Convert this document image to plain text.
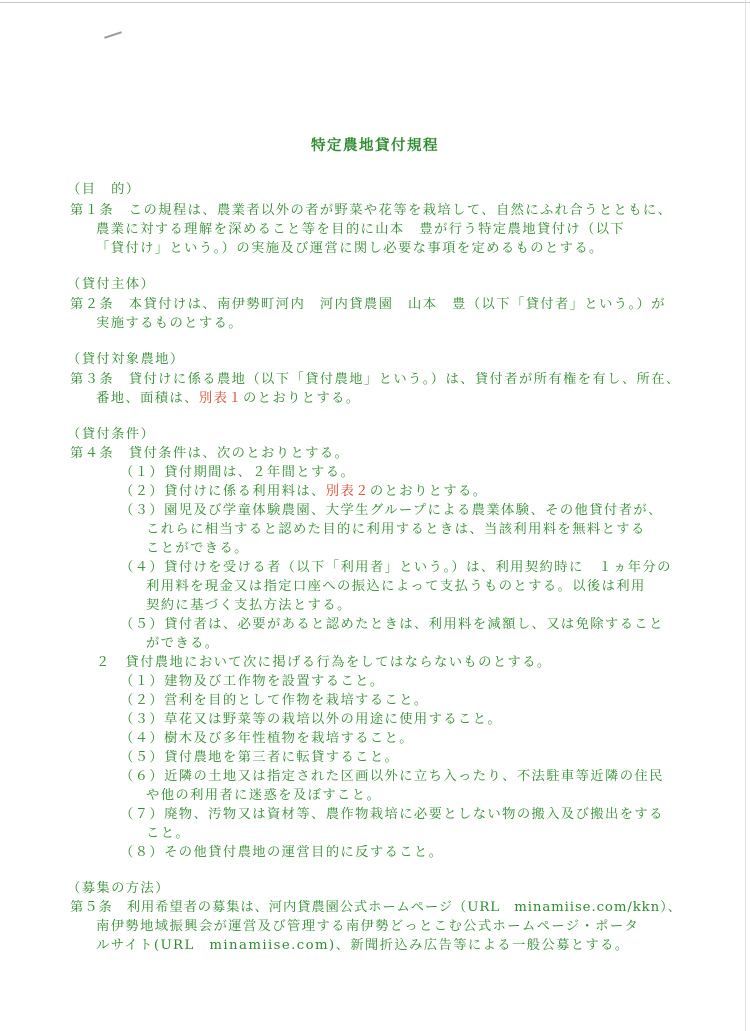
特定農地貸付規程
（目　的）
第１条　この規程は、農業者以外の者が野菜や花等を栽培して、自然にふれ合うとともに、
農業に対する理解を深めること等を目的に山本　豊が行う特定農地貸付け（以下
「貸付け」という。）の実施及び運営に関し必要な事項を定めるものとする。
（貸付主体）
第２条　本貸付けは、南伊勢町河内　河内貸農園　山本　豊（以下「貸付者」という。）が
実施するものとする。
（貸付対象農地）
第３条　貸付けに係る農地（以下「貸付農地」という。）は、貸付者が所有権を有し、所在、
番地、面積は、別表１のとおりとする。
（貸付条件）
第４条　貸付条件は、次のとおりとする。
（１）貸付期間は、２年間とする。
（２）貸付けに係る利用料は、別表２のとおりとする。
（３）園児及び学童体験農園、大学生グループによる農業体験、その他貸付者が、
これらに相当すると認めた目的に利用するときは、当該利用料を無料とする
ことができる。
（４）貸付けを受ける者（以下「利用者」という。）は、利用契約時に　１ヵ年分の
利用料を現金又は指定口座への振込によって支払うものとする。以後は利用
契約に基づく支払方法とする。
（５）貸付者は、必要があると認めたときは、利用料を減額し、又は免除すること
ができる。
２　貸付農地において次に掲げる行為をしてはならないものとする。
（１）建物及び工作物を設置すること。
（２）営利を目的として作物を栽培すること。
（３）草花又は野菜等の栽培以外の用途に使用すること。
（４）樹木及び多年性植物を栽培すること。
（５）貸付農地を第三者に転貸すること。
（６）近隣の土地又は指定された区画以外に立ち入ったり、不法駐車等近隣の住民
や他の利用者に迷惑を及ぼすこと。
（７）廃物、汚物又は資材等、農作物栽培に必要としない物の搬入及び搬出をする
こと。
（８）その他貸付農地の運営目的に反すること。
（募集の方法）
第５条　利用希望者の募集は、河内貸農園公式ホームページ（URL　minamiise.com/kkn）、
南伊勢地域振興会が運営及び管理する南伊勢どっとこむ公式ホームページ・ポータ
ルサイト(URL　minamiise.com)、新聞折込み広告等による一般公募とする。
